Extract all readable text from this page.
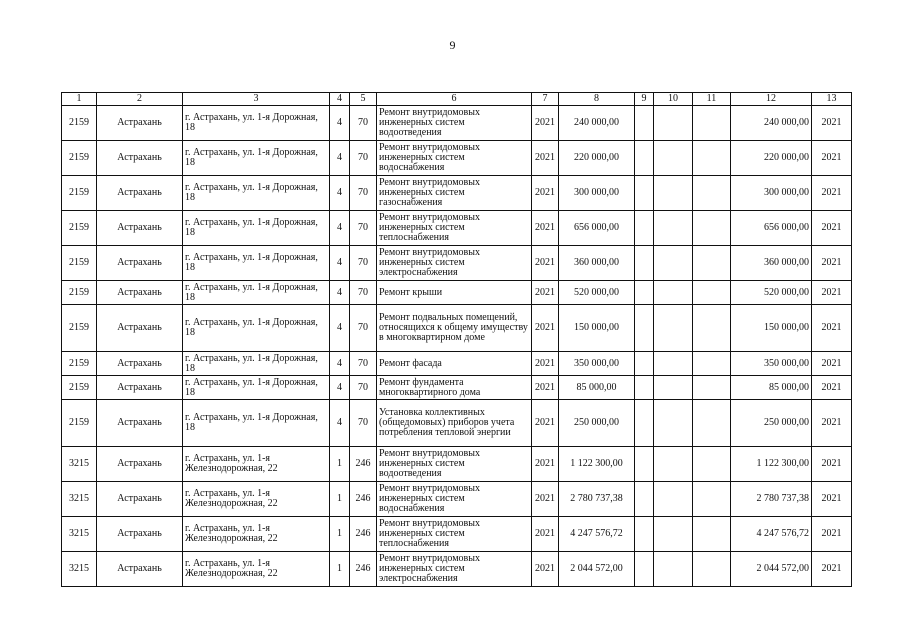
9
1	2	3	4	5	6	7	8	9	10	11	12	13
2159	Астрахань	г. Астрахань, ул. 1-я Дорожная, 18	4	70	Ремонт внутридомовых инженерных систем водоотведения	2021	240 000,00				240 000,00	2021
2159	Астрахань	г. Астрахань, ул. 1-я Дорожная, 18	4	70	Ремонт внутридомовых инженерных систем водоснабжения	2021	220 000,00				220 000,00	2021
2159	Астрахань	г. Астрахань, ул. 1-я Дорожная, 18	4	70	Ремонт внутридомовых инженерных систем газоснабжения	2021	300 000,00				300 000,00	2021
2159	Астрахань	г. Астрахань, ул. 1-я Дорожная, 18	4	70	Ремонт внутридомовых инженерных систем теплоснабжения	2021	656 000,00				656 000,00	2021
2159	Астрахань	г. Астрахань, ул. 1-я Дорожная, 18	4	70	Ремонт внутридомовых инженерных систем электроснабжения	2021	360 000,00				360 000,00	2021
2159	Астрахань	г. Астрахань, ул. 1-я Дорожная, 18	4	70	Ремонт крыши	2021	520 000,00				520 000,00	2021
2159	Астрахань	г. Астрахань, ул. 1-я Дорожная, 18	4	70	Ремонт подвальных помещений, относящихся к общему имуществу в многоквартирном доме	2021	150 000,00				150 000,00	2021
2159	Астрахань	г. Астрахань, ул. 1-я Дорожная, 18	4	70	Ремонт фасада	2021	350 000,00				350 000,00	2021
2159	Астрахань	г. Астрахань, ул. 1-я Дорожная, 18	4	70	Ремонт фундамента многоквартирного дома	2021	85 000,00				85 000,00	2021
2159	Астрахань	г. Астрахань, ул. 1-я Дорожная, 18	4	70	Установка коллективных (общедомовых) приборов учета потребления тепловой энергии	2021	250 000,00				250 000,00	2021
3215	Астрахань	г. Астрахань, ул. 1-я Железнодорожная, 22	1	246	Ремонт внутридомовых инженерных систем водоотведения	2021	1 122 300,00				1 122 300,00	2021
3215	Астрахань	г. Астрахань, ул. 1-я Железнодорожная, 22	1	246	Ремонт внутридомовых инженерных систем водоснабжения	2021	2 780 737,38				2 780 737,38	2021
3215	Астрахань	г. Астрахань, ул. 1-я Железнодорожная, 22	1	246	Ремонт внутридомовых инженерных систем теплоснабжения	2021	4 247 576,72				4 247 576,72	2021
3215	Астрахань	г. Астрахань, ул. 1-я Железнодорожная, 22	1	246	Ремонт внутридомовых инженерных систем электроснабжения	2021	2 044 572,00				2 044 572,00	2021
